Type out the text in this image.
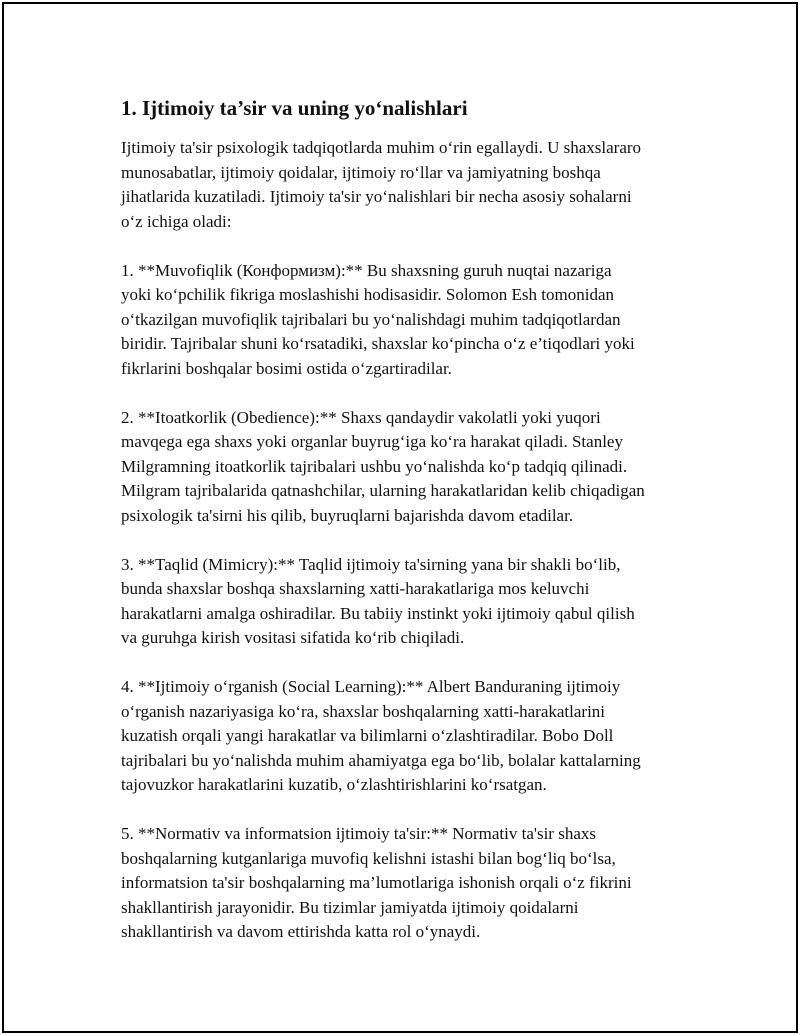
1. Ijtimoiy ta’sir va uning yo‘nalishlari

Ijtimoiy ta'sir psixologik tadqiqotlarda muhim o‘rin egallaydi. U shaxslararo
munosabatlar, ijtimoiy qoidalar, ijtimoiy ro‘llar va jamiyatning boshqa
jihatlarida kuzatiladi. Ijtimoiy ta'sir yo‘nalishlari bir necha asosiy sohalarni
o‘z ichiga oladi:

1. **Muvofiqlik (Конформизм):** Bu shaxsning guruh nuqtai nazariga
yoki ko‘pchilik fikriga moslashishi hodisasidir. Solomon Esh tomonidan
o‘tkazilgan muvofiqlik tajribalari bu yo‘nalishdagi muhim tadqiqotlardan
biridir. Tajribalar shuni ko‘rsatadiki, shaxslar ko‘pincha o‘z e’tiqodlari yoki
fikrlarini boshqalar bosimi ostida o‘zgartiradilar.

2. **Itoatkorlik (Obedience):** Shaxs qandaydir vakolatli yoki yuqori
mavqega ega shaxs yoki organlar buyrug‘iga ko‘ra harakat qiladi. Stanley
Milgramning itoatkorlik tajribalari ushbu yo‘nalishda ko‘p tadqiq qilinadi.
Milgram tajribalarida qatnashchilar, ularning harakatlaridan kelib chiqadigan
psixologik ta'sirni his qilib, buyruqlarni bajarishda davom etadilar.

3. **Taqlid (Mimicry):** Taqlid ijtimoiy ta'sirning yana bir shakli bo‘lib,
bunda shaxslar boshqa shaxslarning xatti-harakatlariga mos keluvchi
harakatlarni amalga oshiradilar. Bu tabiiy instinkt yoki ijtimoiy qabul qilish
va guruhga kirish vositasi sifatida ko‘rib chiqiladi.

4. **Ijtimoiy o‘rganish (Social Learning):** Albert Banduraning ijtimoiy
o‘rganish nazariyasiga ko‘ra, shaxslar boshqalarning xatti-harakatlarini
kuzatish orqali yangi harakatlar va bilimlarni o‘zlashtiradilar. Bobo Doll
tajribalari bu yo‘nalishda muhim ahamiyatga ega bo‘lib, bolalar kattalarning
tajovuzkor harakatlarini kuzatib, o‘zlashtirishlarini ko‘rsatgan.

5. **Normativ va informatsion ijtimoiy ta'sir:** Normativ ta'sir shaxs
boshqalarning kutganlariga muvofiq kelishni istashi bilan bog‘liq bo‘lsa,
informatsion ta'sir boshqalarning ma’lumotlariga ishonish orqali o‘z fikrini
shakllantirish jarayonidir. Bu tizimlar jamiyatda ijtimoiy qoidalarni
shakllantirish va davom ettirishda katta rol o‘ynaydi.
